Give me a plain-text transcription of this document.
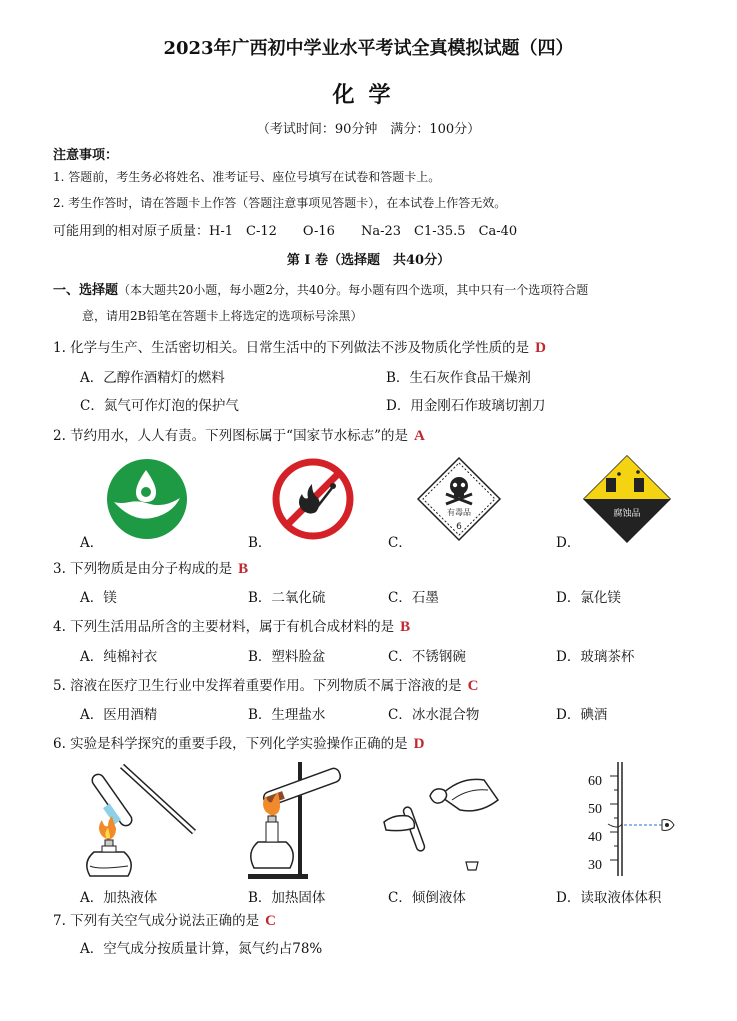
2023年广西初中学业水平考试全真模拟试题（四）
化学
（考试时间：90分钟　满分：100分）
注意事项：
1. 答题前，考生务必将姓名、准考证号、座位号填写在试卷和答题卡上。
2. 考生作答时，请在答题卡上作答（答题注意事项见答题卡），在本试卷上作答无效。
可能用到的相对原子质量：H-1　C-12　　O-16　　Na-23　C1-35.5　Ca-40
第 I 卷（选择题　共40分）
一、选择题（本大题共20小题，每小题2分，共40分。每小题有四个选项，其中只有一个选项符合题
意，请用2B铅笔在答题卡上将选定的选项标号涂黑）
1. 化学与生产、生活密切相关。日常生活中的下列做法不涉及物质化学性质的是 D
A．乙醇作酒精灯的燃料	B．生石灰作食品干燥剂
C．氮气可作灯泡的保护气	D．用金刚石作玻璃切割刀
2. 节约用水，人人有责。下列图标属于“国家节水标志”的是 A
有毒品
6
腐蚀品
A．	B．	C．	D．
3. 下列物质是由分子构成的是 B
A．镁	B．二氧化硫	C．石墨	D．氯化镁
4. 下列生活用品所含的主要材料，属于有机合成材料的是 B
A．纯棉衬衣	B．塑料脸盆	C．不锈钢碗	D．玻璃茶杯
5. 溶液在医疗卫生行业中发挥着重要作用。下列物质不属于溶液的是 C
A．医用酒精	B．生理盐水	C．冰水混合物	D．碘酒
6. 实验是科学探究的重要手段，下列化学实验操作正确的是 D
60
50
40
30
A．加热液体	B．加热固体	C．倾倒液体	D．读取液体体积
7. 下列有关空气成分说法正确的是 C
A．空气成分按质量计算，氮气约占78%
